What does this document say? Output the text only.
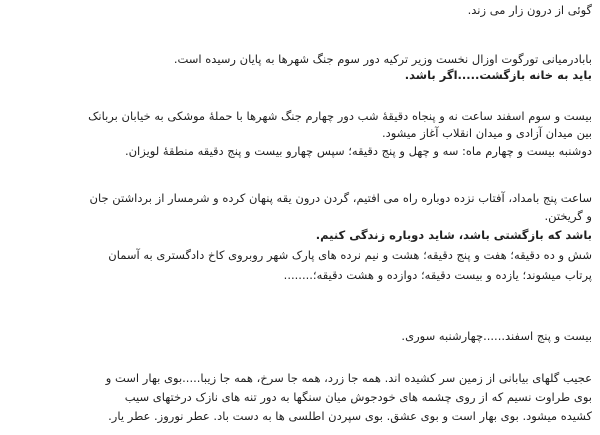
گوئی از درون زار می زند.
بابادرمیانی تورگوت اوزال نخست وزیر ترکیه دور سوم جنگ شهرها به پایان رسیده است.
باید به خانه بازگشت.....اگر باشد.
بیست و سوم اسفند ساعت نه و پنجاه دقیقهٔ شب دور چهارم جنگ شهرها با حملهٔ موشکی به خیابان بربانک
بین میدان آزادی و میدان انقلاب آغاز میشود.
دوشنبه بیست و چهارم ماه: سه و چهل و پنج دقیقه؛ سپس چهارو بیست و پنج دقیقه منطقهٔ لویزان.
ساعت پنج بامداد، آفتاب نزده دوباره راه می افتیم، گردن درون یقه پنهان کرده و شرمسار از برداشتن جان
و گریختن.
باشد که بازگشتی باشد، شاید دوباره زندگی کنیم.
شش و ده دقیقه؛ هفت و پنج دقیقه؛ هشت و نیم نرده های پارک شهر روبروی کاخ دادگستری به آسمان
پرتاب میشوند؛ یازده و بیست دقیقه؛ دوازده و هشت دقیقه؛........
بیست و پنج اسفند......چهارشنبه سوری.
عجیب گلهای بیابانی از زمین سر کشیده اند. همه جا زرد، همه جا سرخ، همه جا زیبا.....بوی بهار است و
بوی طراوت نسیم که از روی چشمه های خودجوش میان سنگها به دور تنه های نازک درختهای سیب
کشیده میشود. بوی بهار است و بوی عشق. بوی سپردن اطلسی ها به دست باد. عطر نوروز. عطر یار.
